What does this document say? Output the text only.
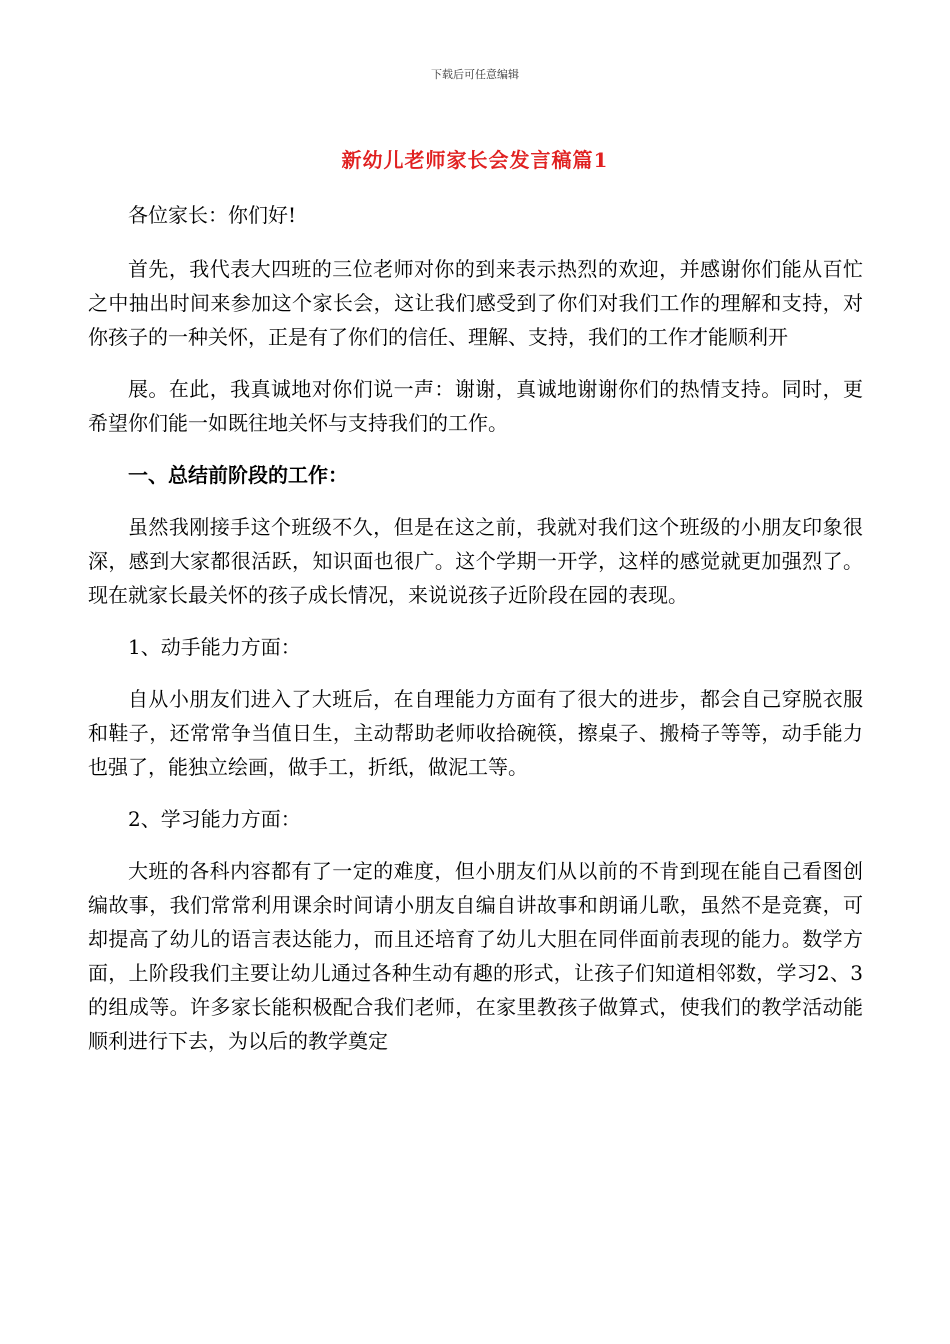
下载后可任意编辑
新幼儿老师家长会发言稿篇1

各位家长：你们好!

首先，我代表大四班的三位老师对你的到来表示热烈的欢迎，并感谢你们能从百忙之中抽出时间来参加这个家长会，这让我们感受到了你们对我们工作的理解和支持，对你孩子的一种关怀，正是有了你们的信任、理解、支持，我们的工作才能顺利开

展。在此，我真诚地对你们说一声：谢谢，真诚地谢谢你们的热情支持。同时，更希望你们能一如既往地关怀与支持我们的工作。

一、总结前阶段的工作：

虽然我刚接手这个班级不久，但是在这之前，我就对我们这个班级的小朋友印象很深，感到大家都很活跃，知识面也很广。这个学期一开学，这样的感觉就更加强烈了。现在就家长最关怀的孩子成长情况，来说说孩子近阶段在园的表现。

1、动手能力方面：

自从小朋友们进入了大班后，在自理能力方面有了很大的进步，都会自己穿脱衣服和鞋子，还常常争当值日生，主动帮助老师收拾碗筷，擦桌子、搬椅子等等，动手能力也强了，能独立绘画，做手工，折纸，做泥工等。

2、学习能力方面：

大班的各科内容都有了一定的难度，但小朋友们从以前的不肯到现在能自己看图创编故事，我们常常利用课余时间请小朋友自编自讲故事和朗诵儿歌，虽然不是竞赛，可却提高了幼儿的语言表达能力，而且还培育了幼儿大胆在同伴面前表现的能力。数学方面，上阶段我们主要让幼儿通过各种生动有趣的形式，让孩子们知道相邻数，学习2、3的组成等。许多家长能积极配合我们老师，在家里教孩子做算式，使我们的教学活动能顺利进行下去，为以后的教学奠定
